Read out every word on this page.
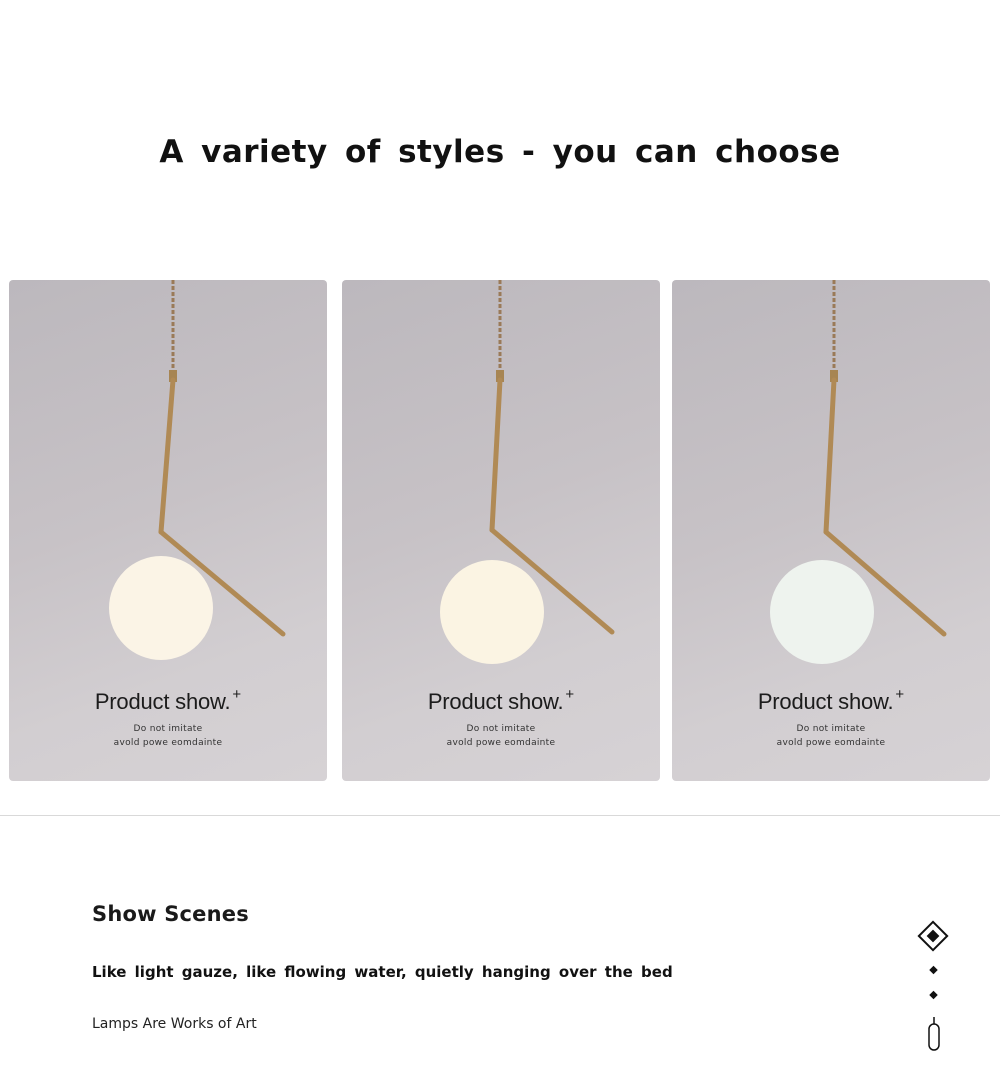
A variety of styles - you can choose
Product show. +
Do not imitate
avold powe eomdainte
Product show. +
Do not imitate
avold powe eomdainte
Product show. +
Do not imitate
avold powe eomdainte
Show Scenes
Like light gauze, like flowing water, quietly hanging over the bed
Lamps Are Works of Art
